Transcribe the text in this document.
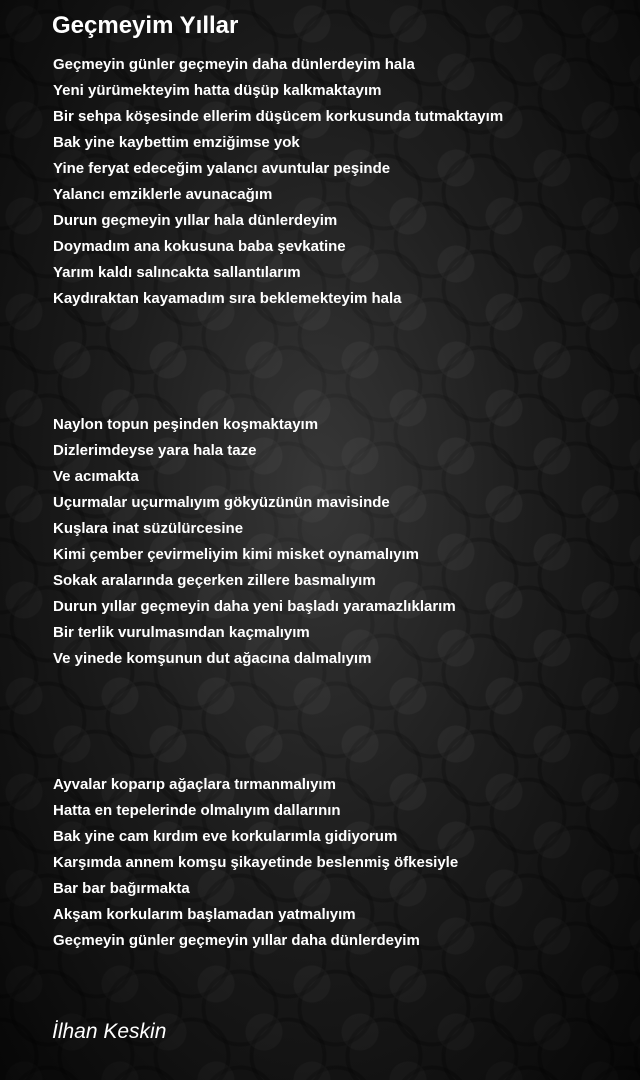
Geçmeyim Yıllar
Geçmeyin günler geçmeyin daha dünlerdeyim hala
Yeni yürümekteyim hatta düşüp kalkmaktayım
Bir sehpa köşesinde ellerim düşücem korkusunda tutmaktayım
Bak yine kaybettim emziğimse yok
Yine feryat edeceğim yalancı avuntular peşinde
Yalancı emziklerle avunacağım
Durun geçmeyin yıllar hala dünlerdeyim
Doymadım ana kokusuna baba şevkatine
Yarım kaldı salıncakta sallantılarım
Kaydıraktan kayamadım sıra beklemekteyim hala
Naylon topun peşinden koşmaktayım
Dizlerimdeyse yara hala taze
Ve acımakta
Uçurmalar uçurmalıyım gökyüzünün mavisinde
Kuşlara inat süzülürcesine
Kimi çember çevirmeliyim kimi misket oynamalıyım
Sokak aralarında geçerken zillere basmalıyım
Durun yıllar geçmeyin daha yeni başladı yaramazlıklarım
Bir terlik vurulmasından kaçmalıyım
Ve yinede komşunun dut ağacına dalmalıyım
Ayvalar koparıp ağaçlara tırmanmalıyım
Hatta en tepelerinde olmalıyım dallarının
Bak yine cam kırdım eve korkularımla gidiyorum
Karşımda annem komşu şikayetinde beslenmiş öfkesiyle
Bar bar bağırmakta
Akşam korkularım başlamadan yatmalıyım
Geçmeyin günler geçmeyin yıllar daha dünlerdeyim

İlhan Keskin
